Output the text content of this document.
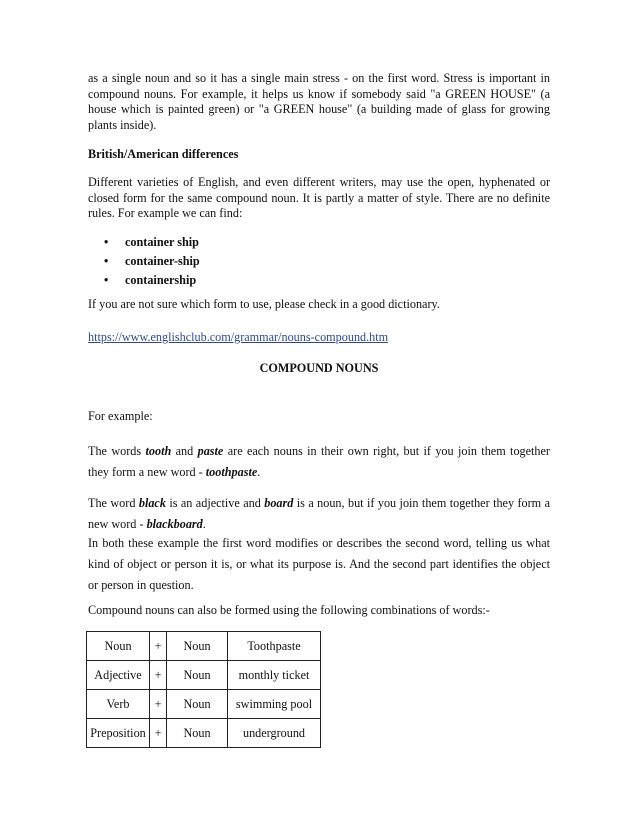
as a single noun and so it has a single main stress - on the first word. Stress is important in compound nouns. For example, it helps us know if somebody said "a GREEN HOUSE" (a house which is painted green) or "a GREEN house" (a building made of glass for growing plants inside).

British/American differences

Different varieties of English, and even different writers, may use the open, hyphenated or closed form for the same compound noun. It is partly a matter of style. There are no definite rules. For example we can find:

• container ship
• container-ship
• containership

If you are not sure which form to use, please check in a good dictionary.

https://www.englishclub.com/grammar/nouns-compound.htm

COMPOUND NOUNS

For example:

The words tooth and paste are each nouns in their own right, but if you join them together they form a new word - toothpaste.

The word black is an adjective and board is a noun, but if you join them together they form a new word - blackboard.

In both these example the first word modifies or describes the second word, telling us what kind of object or person it is, or what its purpose is. And the second part identifies the object or person in question.

Compound nouns can also be formed using the following combinations of words:-

Noun	+	Noun	Toothpaste
Adjective	+	Noun	monthly ticket
Verb	+	Noun	swimming pool
Preposition	+	Noun	underground
